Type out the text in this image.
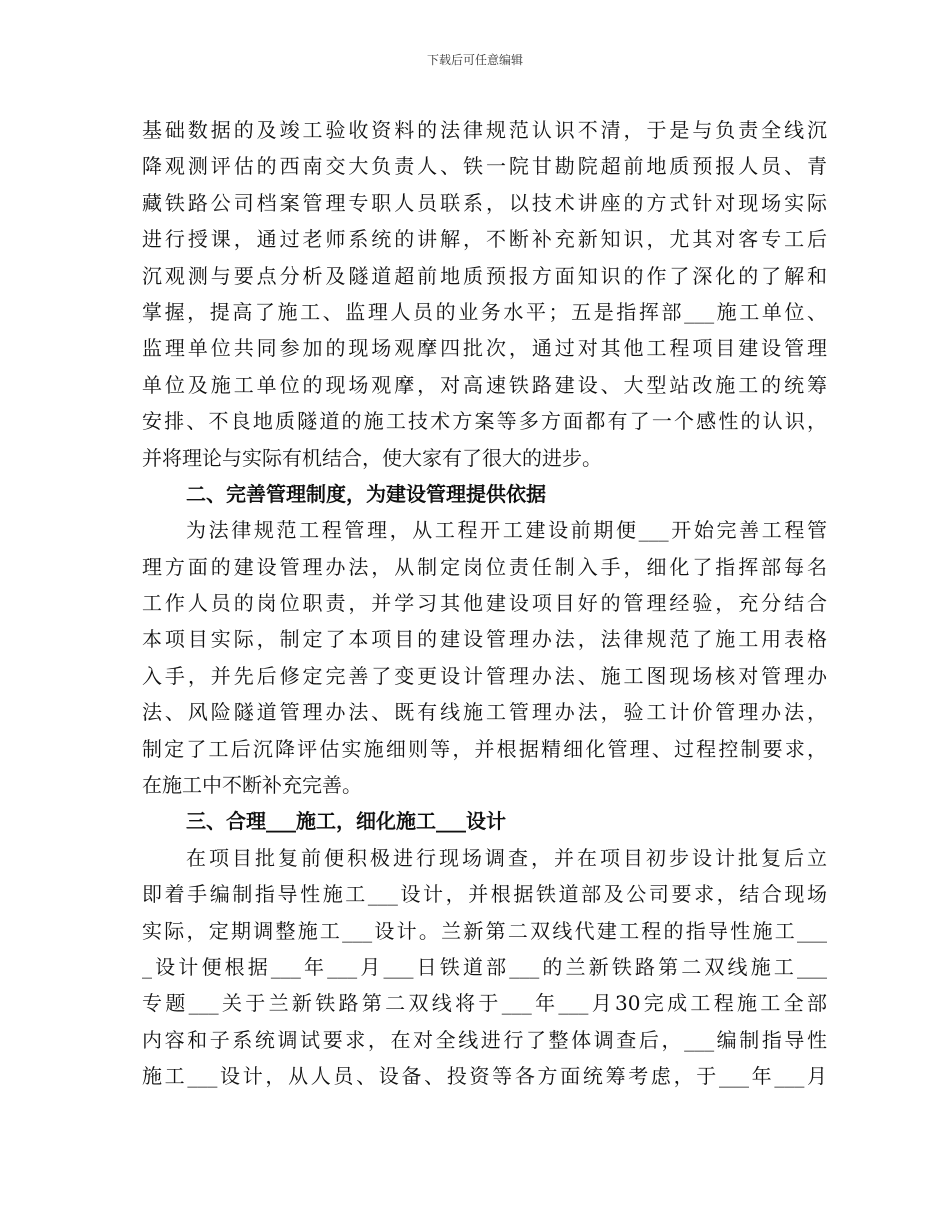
下载后可任意编辑
基础数据的及竣工验收资料的法律规范认识不清，于是与负责全线沉
降观测评估的西南交大负责人、铁一院甘勘院超前地质预报人员、青
藏铁路公司档案管理专职人员联系，以技术讲座的方式针对现场实际
进行授课，通过老师系统的讲解，不断补充新知识，尤其对客专工后
沉观测与要点分析及隧道超前地质预报方面知识的作了深化的了解和
掌握，提高了施工、监理人员的业务水平；五是指挥部___施工单位、
监理单位共同参加的现场观摩四批次，通过对其他工程项目建设管理
单位及施工单位的现场观摩，对高速铁路建设、大型站改施工的统筹
安排、不良地质隧道的施工技术方案等多方面都有了一个感性的认识，
并将理论与实际有机结合，使大家有了很大的进步。
二、完善管理制度，为建设管理提供依据
为法律规范工程管理，从工程开工建设前期便___开始完善工程管
理方面的建设管理办法，从制定岗位责任制入手，细化了指挥部每名
工作人员的岗位职责，并学习其他建设项目好的管理经验，充分结合
本项目实际，制定了本项目的建设管理办法，法律规范了施工用表格
入手，并先后修定完善了变更设计管理办法、施工图现场核对管理办
法、风险隧道管理办法、既有线施工管理办法，验工计价管理办法，
制定了工后沉降评估实施细则等，并根据精细化管理、过程控制要求，
在施工中不断补充完善。
三、合理___施工，细化施工___设计
在项目批复前便积极进行现场调查，并在项目初步设计批复后立
即着手编制指导性施工___设计，并根据铁道部及公司要求，结合现场
实际，定期调整施工___设计。兰新第二双线代建工程的指导性施工___
_设计便根据___年___月___日铁道部___的兰新铁路第二双线施工___
专题___关于兰新铁路第二双线将于___年___月30完成工程施工全部
内容和子系统调试要求，在对全线进行了整体调查后，___编制指导性
施工___设计，从人员、设备、投资等各方面统筹考虑，于___年___月
